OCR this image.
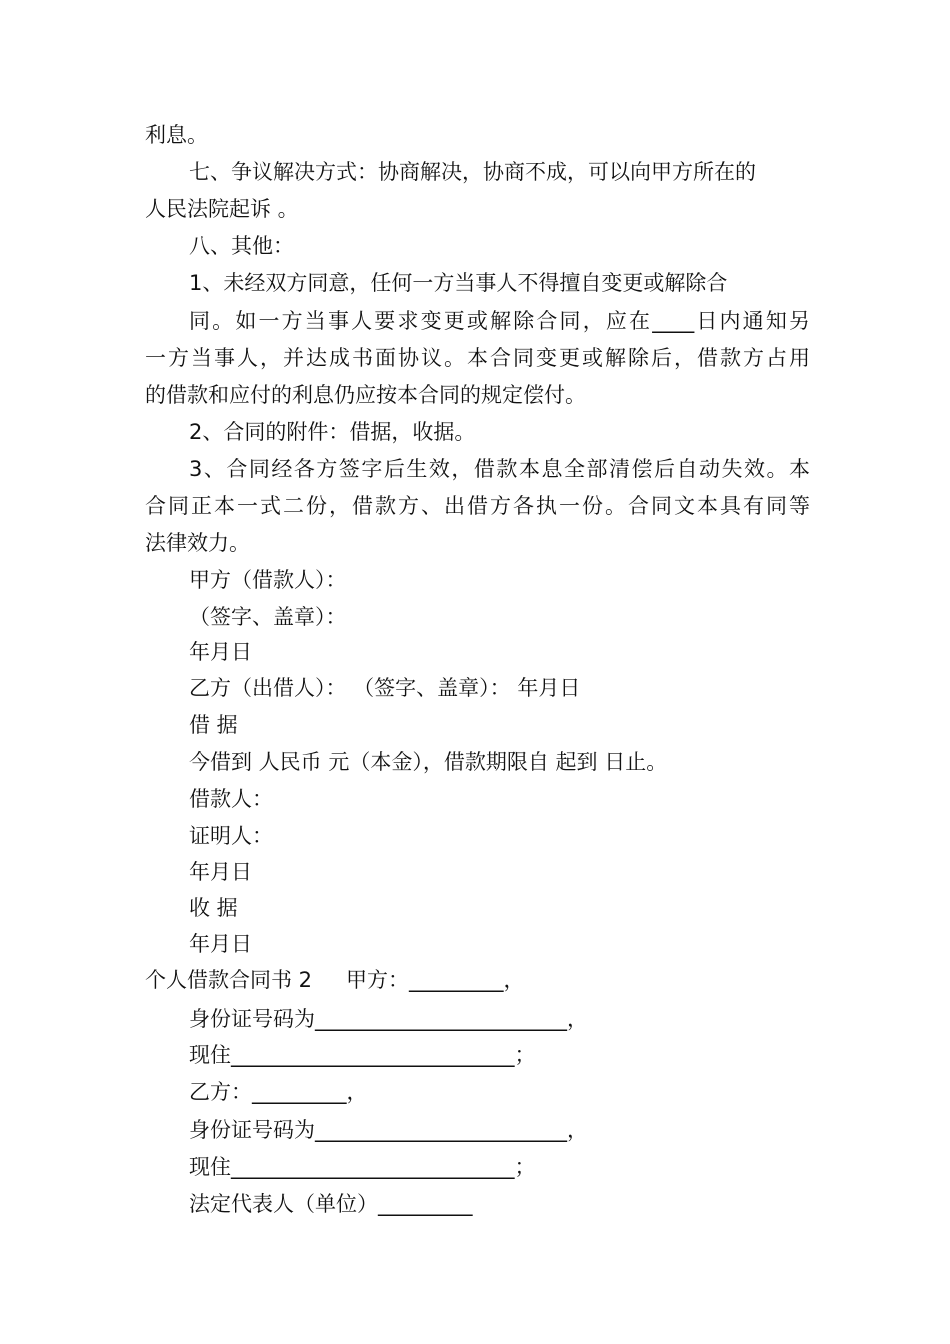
利息。
七、争议解决方式：协商解决，协商不成，可以向甲方所在的
人民法院起诉 。
八、其他：
1、未经双方同意，任何一方当事人不得擅自变更或解除合
同。如一方当事人要求变更或解除合同，应在____日内通知另
一方当事人，并达成书面协议。本合同变更或解除后，借款方占用
的借款和应付的利息仍应按本合同的规定偿付。
2、合同的附件：借据，收据。
3、合同经各方签字后生效，借款本息全部清偿后自动失效。本
合同正本一式二份，借款方、出借方各执一份。合同文本具有同等
法律效力。
甲方（借款人）：
（签字、盖章）：
年月日
乙方（出借人）： （签字、盖章）： 年月日
借 据
今借到 人民币 元（本金），借款期限自 起到 日止。
借款人：
证明人：
年月日
收 据
年月日
个人借款合同书 2 甲方：_________，
身份证号码为________________________，
现住___________________________；
乙方：_________，
身份证号码为________________________，
现住___________________________；
法定代表人（单位）_________
